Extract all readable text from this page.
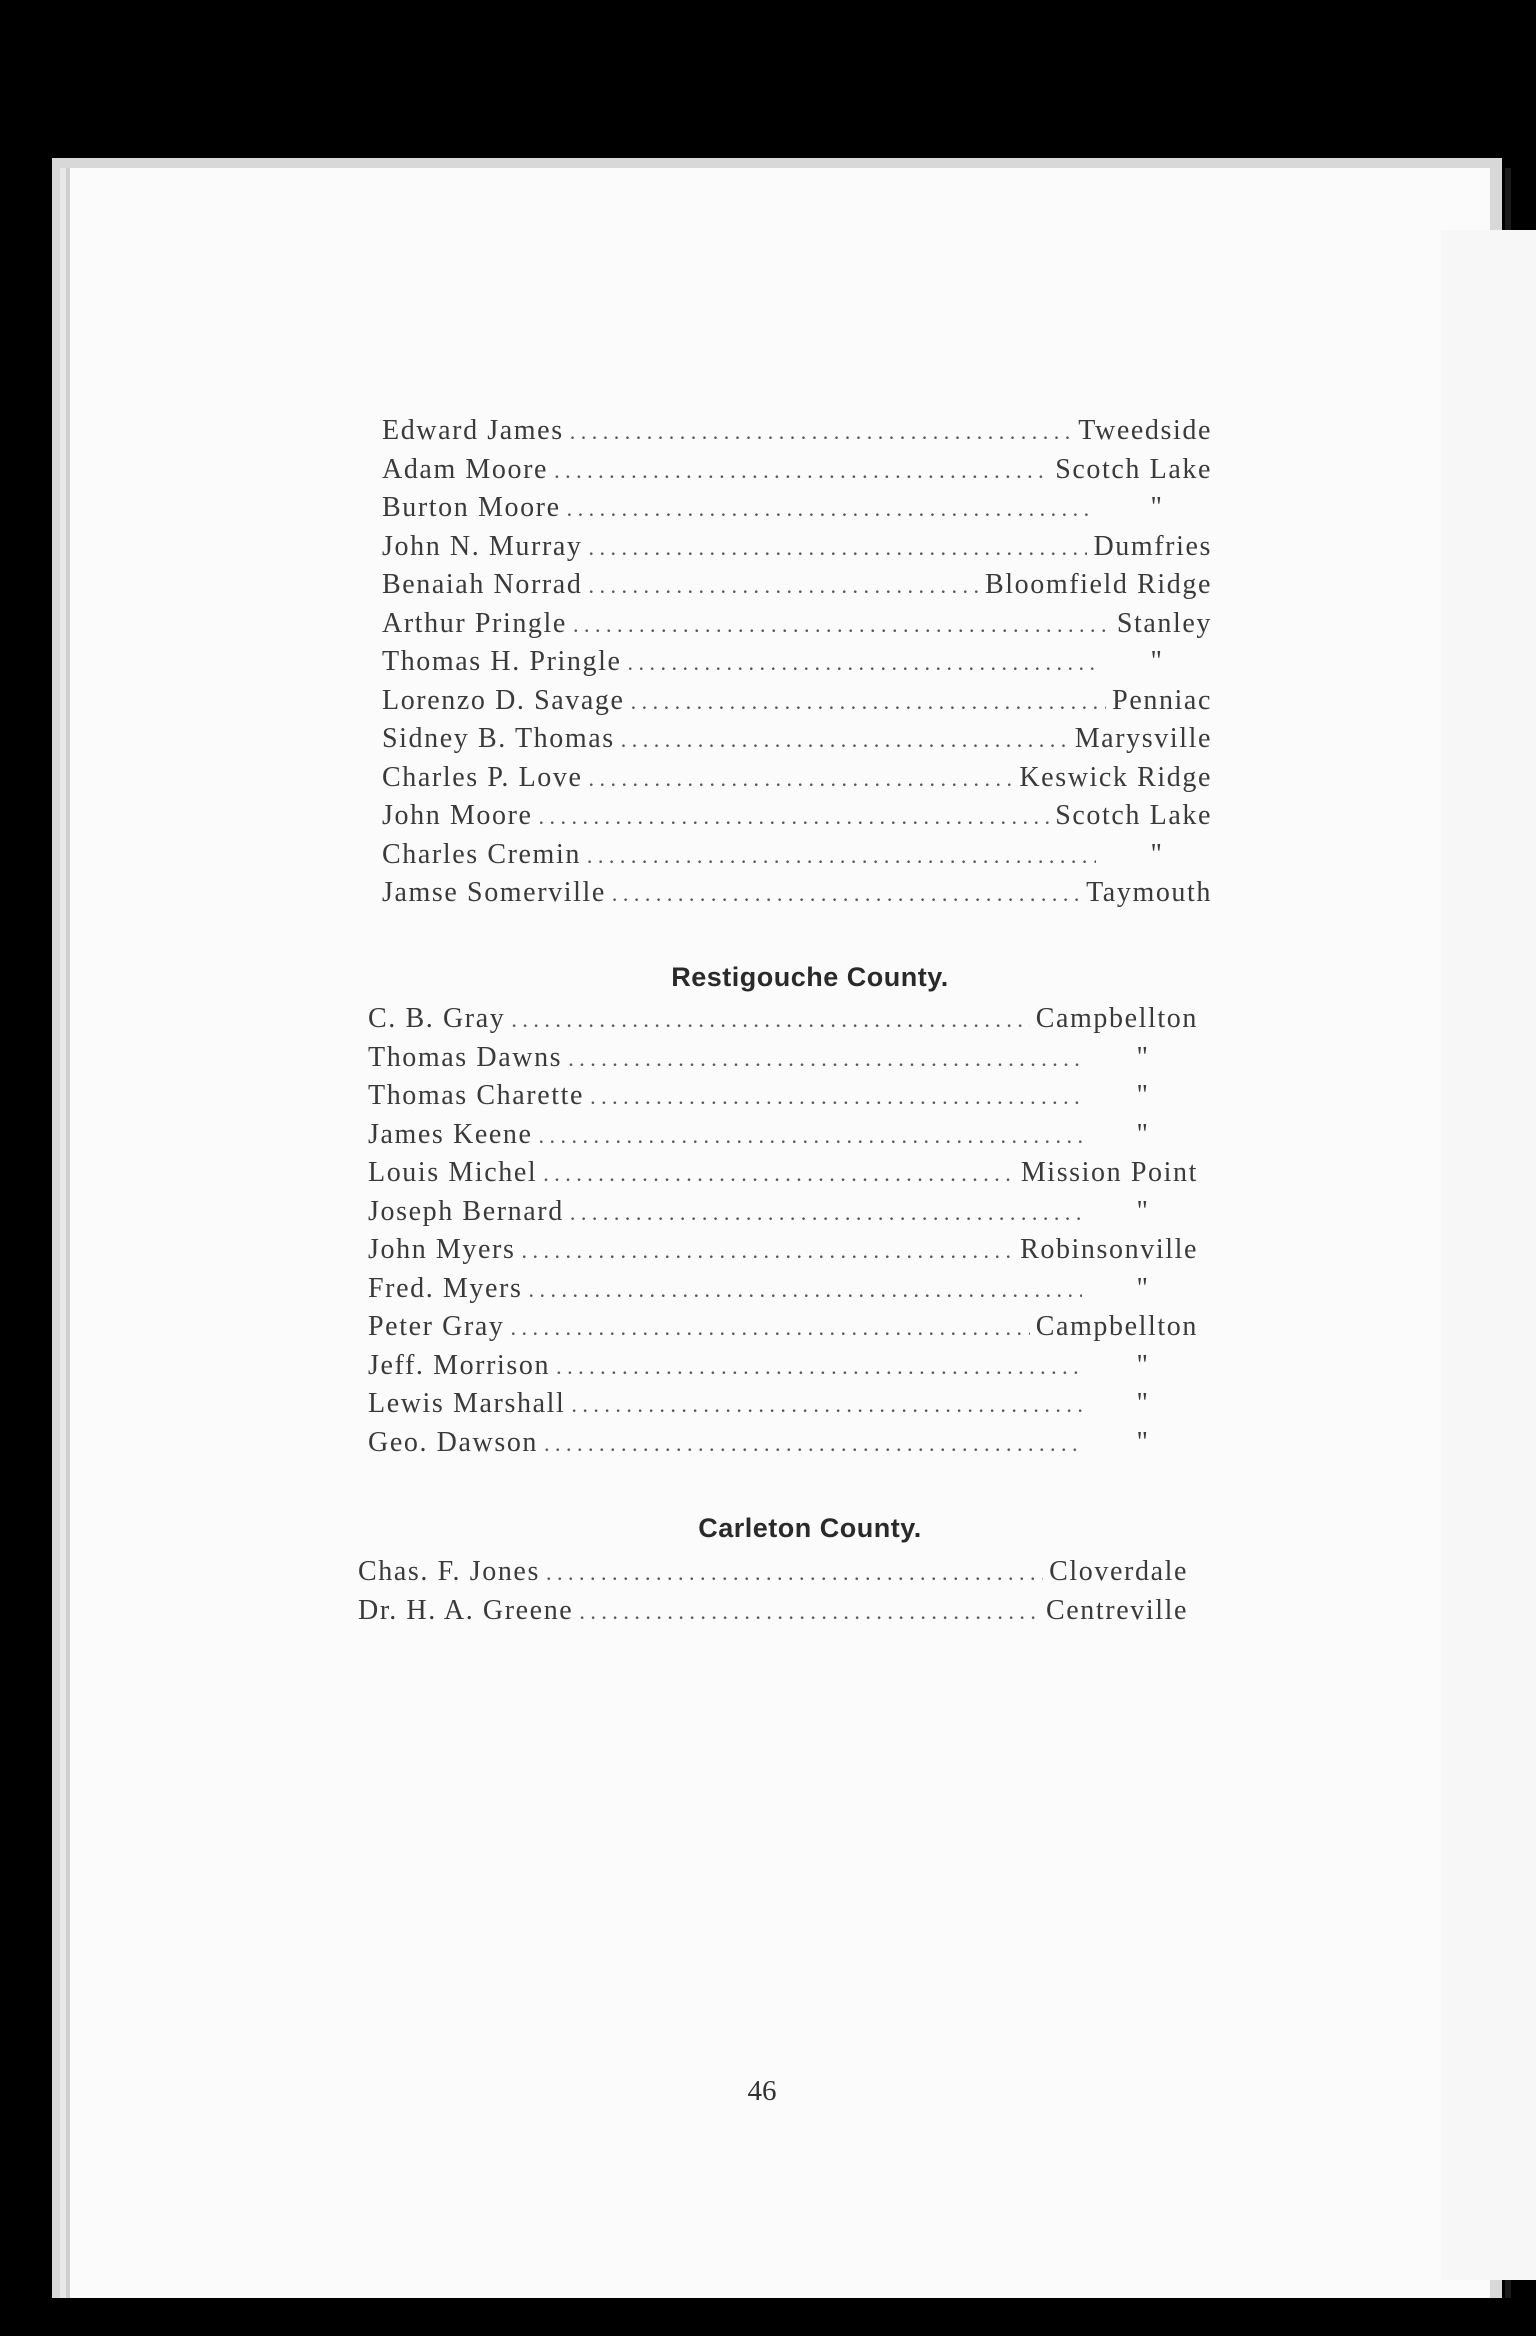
Edward James . . .	Tweedside
Adam Moore . . .	Scotch Lake
Burton Moore . . .	"
John N. Murray . . .	Dumfries
Benaiah Norrad . . .	Bloomfield Ridge
Arthur Pringle . . .	Stanley
Thomas H. Pringle . . .	"
Lorenzo D. Savage . . .	Penniac
Sidney B. Thomas . . .	Marysville
Charles P. Love . . .	Keswick Ridge
John Moore . . .	Scotch Lake
Charles Cremin . . .	"
Jamse Somerville . . .	Taymouth
Restigouche County.
C. B. Gray . . .	Campbellton
Thomas Dawns . . .	"
Thomas Charette . . .	"
James Keene . . .	"
Louis Michel . . .	Mission Point
Joseph Bernard . . .	"
John Myers . . .	Robinsonville
Fred. Myers . . .	"
Peter Gray . . .	Campbellton
Jeff. Morrison . . .	"
Lewis Marshall . . .	"
Geo. Dawson . . .	"
Carleton County.
Chas. F. Jones . . .	Cloverdale
Dr. H. A. Greene . . .	Centreville
46
